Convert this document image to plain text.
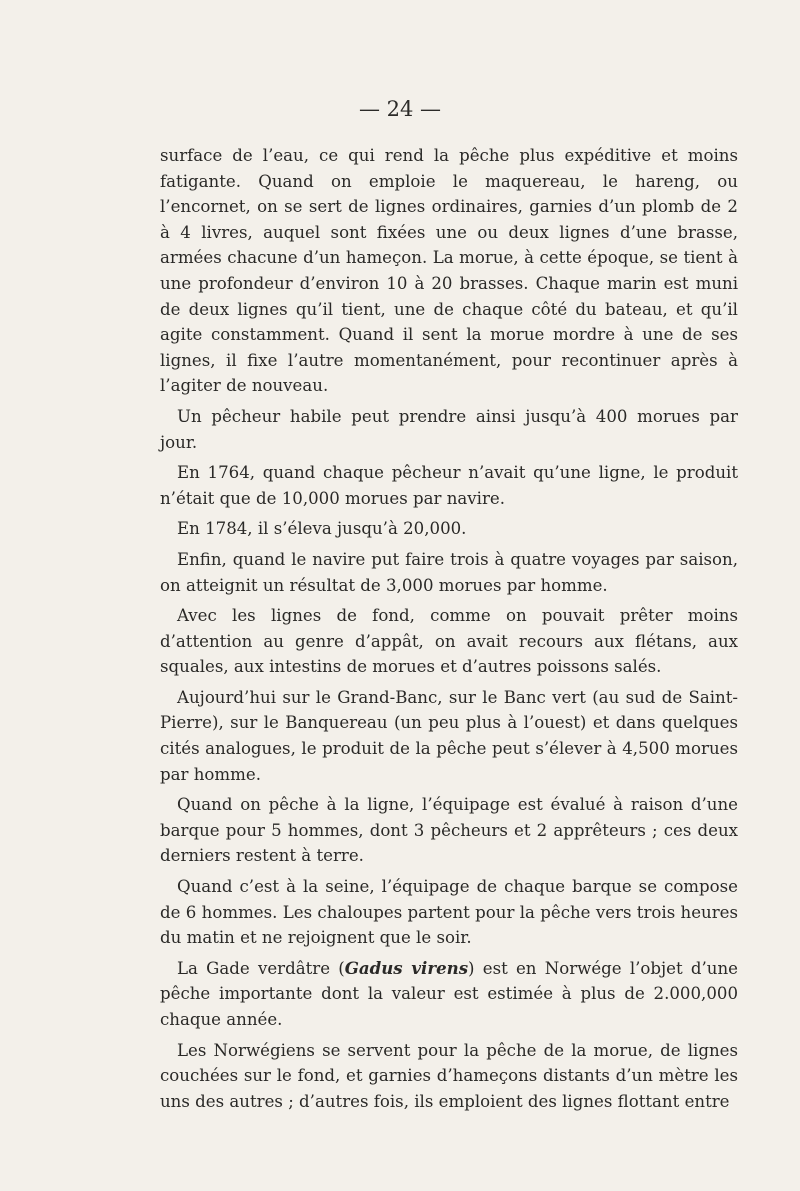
— 24 —

surface de l’eau, ce qui rend la pêche plus expéditive et moins fatigante. Quand on emploie le maquereau, le hareng, ou l’encornet, on se sert de lignes ordinaires, garnies d’un plomb de 2 à 4 livres, auquel sont fixées une ou deux lignes d’une brasse, armées chacune d’un hameçon. La morue, à cette époque, se tient à une profondeur d’environ 10 à 20 brasses. Chaque marin est muni de deux lignes qu’il tient, une de chaque côté du bateau, et qu’il agite constamment. Quand il sent la morue mordre à une de ses lignes, il fixe l’autre momentanément, pour recontinuer après à l’agiter de nouveau.

Un pêcheur habile peut prendre ainsi jusqu’à 400 morues par jour.

En 1764, quand chaque pêcheur n’avait qu’une ligne, le produit n’était que de 10,000 morues par navire.

En 1784, il s’éleva jusqu’à 20,000.

Enfin, quand le navire put faire trois à quatre voyages par saison, on atteignit un résultat de 3,000 morues par homme.

Avec les lignes de fond, comme on pouvait prêter moins d’attention au genre d’appât, on avait recours aux flétans, aux squales, aux intestins de morues et d’autres poissons salés.

Aujourd’hui sur le Grand-Banc, sur le Banc vert (au sud de Saint-Pierre), sur le Banquereau (un peu plus à l’ouest) et dans quelques cités analogues, le produit de la pêche peut s’élever à 4,500 morues par homme.

Quand on pêche à la ligne, l’équipage est évalué à raison d’une barque pour 5 hommes, dont 3 pêcheurs et 2 apprêteurs ; ces deux derniers restent à terre.

Quand c’est à la seine, l’équipage de chaque barque se compose de 6 hommes. Les chaloupes partent pour la pêche vers trois heures du matin et ne rejoignent que le soir.

La Gade verdâtre (Gadus virens) est en Norwége l’objet d’une pêche importante dont la valeur est estimée à plus de 2.000,000 chaque année.

Les Norwégiens se servent pour la pêche de la morue, de lignes couchées sur le fond, et garnies d’hameçons distants d’un mètre les uns des autres ; d’autres fois, ils emploient des lignes flottant entre
